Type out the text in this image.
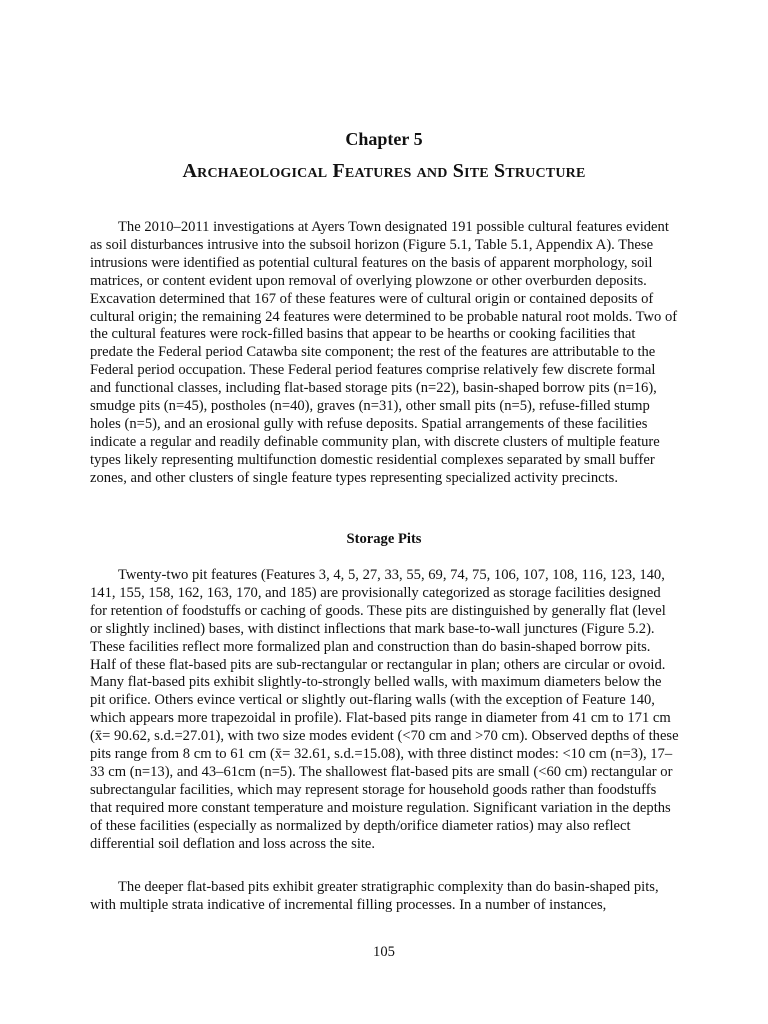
Chapter 5
Archaeological Features and Site Structure

The 2010–2011 investigations at Ayers Town designated 191 possible cultural features evident as soil disturbances intrusive into the subsoil horizon (Figure 5.1, Table 5.1, Appendix A). These intrusions were identified as potential cultural features on the basis of apparent morphology, soil matrices, or content evident upon removal of overlying plowzone or other overburden deposits. Excavation determined that 167 of these features were of cultural origin or contained deposits of cultural origin; the remaining 24 features were determined to be probable natural root molds. Two of the cultural features were rock-filled basins that appear to be hearths or cooking facilities that predate the Federal period Catawba site component; the rest of the features are attributable to the Federal period occupation. These Federal period features comprise relatively few discrete formal and functional classes, including flat-based storage pits (n=22), basin-shaped borrow pits (n=16), smudge pits (n=45), postholes (n=40), graves (n=31), other small pits (n=5), refuse-filled stump holes (n=5), and an erosional gully with refuse deposits. Spatial arrangements of these facilities indicate a regular and readily definable community plan, with discrete clusters of multiple feature types likely representing multifunction domestic residential complexes separated by small buffer zones, and other clusters of single feature types representing specialized activity precincts.

Storage Pits

Twenty-two pit features (Features 3, 4, 5, 27, 33, 55, 69, 74, 75, 106, 107, 108, 116, 123, 140, 141, 155, 158, 162, 163, 170, and 185) are provisionally categorized as storage facilities designed for retention of foodstuffs or caching of goods. These pits are distinguished by generally flat (level or slightly inclined) bases, with distinct inflections that mark base-to-wall junctures (Figure 5.2). These facilities reflect more formalized plan and construction than do basin-shaped borrow pits. Half of these flat-based pits are sub-rectangular or rectangular in plan; others are circular or ovoid. Many flat-based pits exhibit slightly-to-strongly belled walls, with maximum diameters below the pit orifice. Others evince vertical or slightly out-flaring walls (with the exception of Feature 140, which appears more trapezoidal in profile). Flat-based pits range in diameter from 41 cm to 171 cm (x̄= 90.62, s.d.=27.01), with two size modes evident (<70 cm and >70 cm). Observed depths of these pits range from 8 cm to 61 cm (x̄= 32.61, s.d.=15.08), with three distinct modes: <10 cm (n=3), 17–33 cm (n=13), and 43–61cm (n=5). The shallowest flat-based pits are small (<60 cm) rectangular or subrectangular facilities, which may represent storage for household goods rather than foodstuffs that required more constant temperature and moisture regulation. Significant variation in the depths of these facilities (especially as normalized by depth/orifice diameter ratios) may also reflect differential soil deflation and loss across the site.

The deeper flat-based pits exhibit greater stratigraphic complexity than do basin-shaped pits, with multiple strata indicative of incremental filling processes. In a number of instances,

105
